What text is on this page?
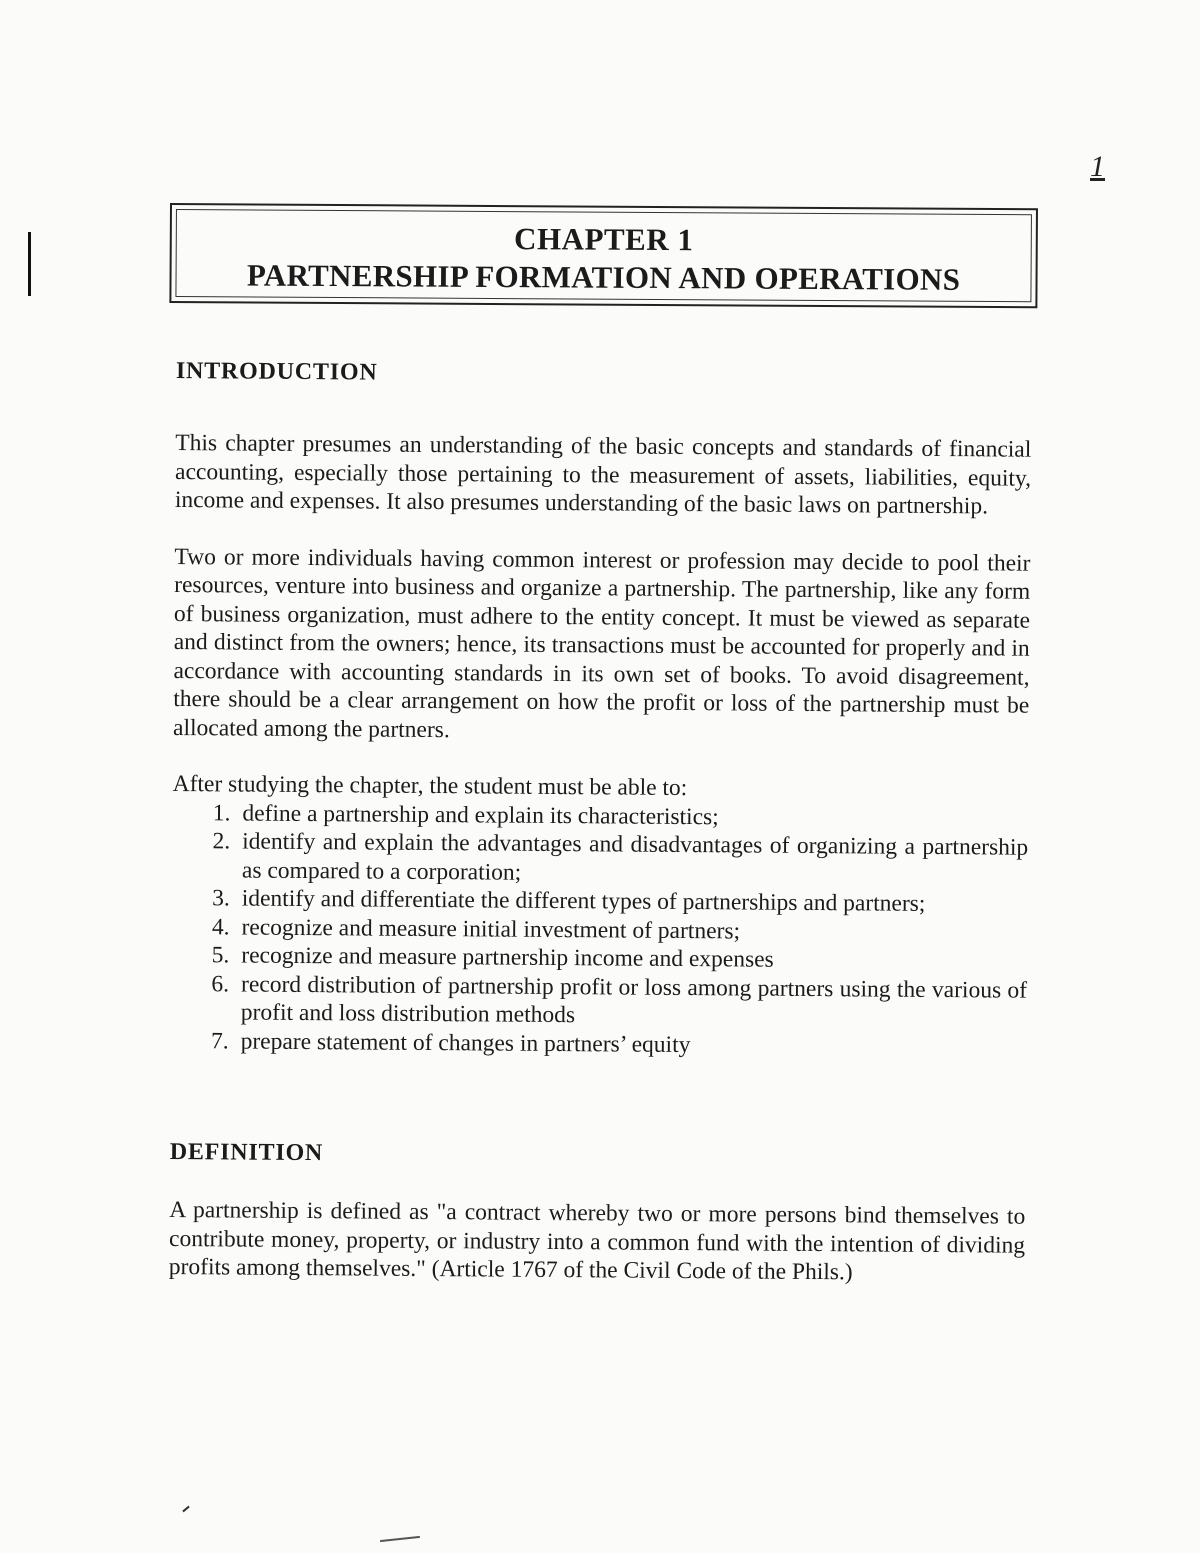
1
CHAPTER 1
PARTNERSHIP FORMATION AND OPERATIONS
INTRODUCTION

This chapter presumes an understanding of the basic concepts and standards of financial accounting, especially those pertaining to the measurement of assets, liabilities, equity, income and expenses. It also presumes understanding of the basic laws on partnership.

Two or more individuals having common interest or profession may decide to pool their resources, venture into business and organize a partnership. The partnership, like any form of business organization, must adhere to the entity concept. It must be viewed as separate and distinct from the owners; hence, its transactions must be accounted for properly and in accordance with accounting standards in its own set of books. To avoid disagreement, there should be a clear arrangement on how the profit or loss of the partnership must be allocated among the partners.

After studying the chapter, the student must be able to:
1. define a partnership and explain its characteristics;
2. identify and explain the advantages and disadvantages of organizing a partnership as compared to a corporation;
3. identify and differentiate the different types of partnerships and partners;
4. recognize and measure initial investment of partners;
5. recognize and measure partnership income and expenses
6. record distribution of partnership profit or loss among partners using the various of profit and loss distribution methods
7. prepare statement of changes in partners’ equity
DEFINITION

A partnership is defined as "a contract whereby two or more persons bind themselves to contribute money, property, or industry into a common fund with the intention of dividing profits among themselves." (Article 1767 of the Civil Code of the Phils.)
